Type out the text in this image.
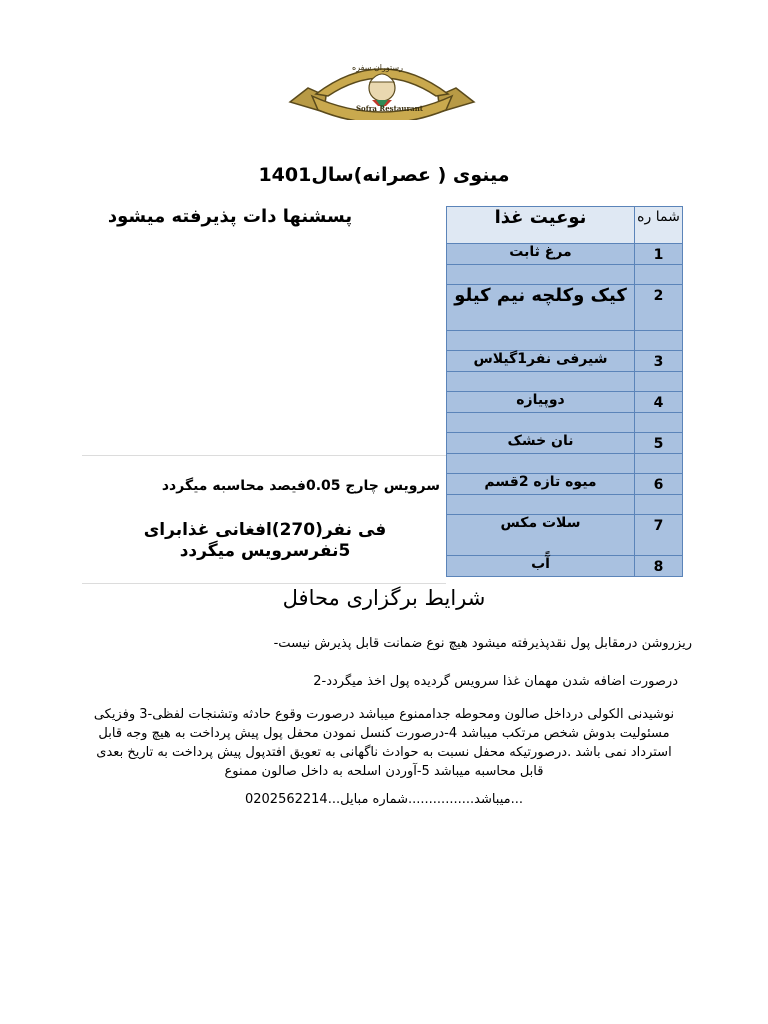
رستوران سفره
Sofra Restaurant
مینوی ( عصرانه)سال1401
پسشنها دات پذیرفته میشود	شما ره	نوعیت غذا
1	مرغ ثابت

2	کیک وکلچه نیم کیلو

3	شیرفی نفر1گیلاس

4	دوپیازه

5	نان خشک

6	میوه تازه 2قسم

7	سلات مکس
8	آًب
سرویس چارج 0.05فیصد محاسبه میگردد
فی نفر(270)افغانی غذابرای 5نفرسرویس میگردد
شرایط برگزاری محافل
ریزروشن درمقابل پول نقدپذیرفته میشود هیچ نوع ضمانت قابل پذیرش نیست-
درصورت اضافه شدن مهمان غذا سرویس گردیده پول اخذ میگردد-2
نوشیدنی الکولی درداخل صالون ومحوطه جداممنوع میباشد درصورت وقوع حادثه وتشنجات لفظی-3 وفزیکی مسئولیت بدوش شخص مرتکب میباشد 4-درصورت کنسل نمودن محفل پول پیش پرداخت به هیچ وجه قابل استرداد نمی باشد .درصورتیکه محفل نسبت به حوادث ناگهانی به تعویق افتدپول پیش پرداخت به تاریخ بعدی قابل محاسبه میباشد 5-آوردن اسلحه به داخل صالون ممنوع
...میباشد................شماره مبایل...0202562214
